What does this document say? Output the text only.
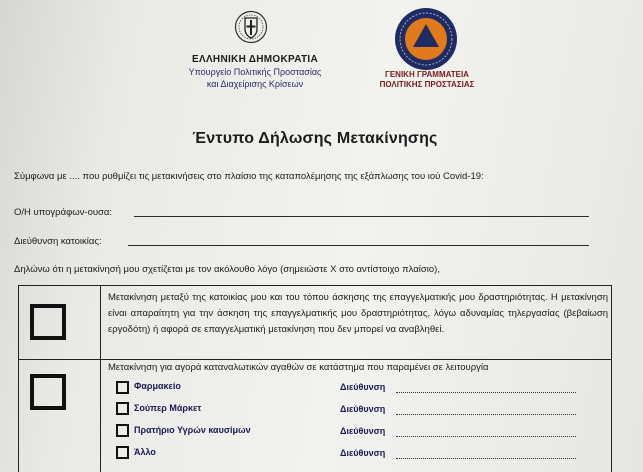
ΕΛΛΗΝΙΚΗ ΔΗΜΟΚΡΑΤΙΑ
Υπουργείο Πολιτικής Προστασίας
και Διαχείρισης Κρίσεων
ΓΕΝΙΚΗ ΓΡΑΜΜΑΤΕΙΑ
ΠΟΛΙΤΙΚΗΣ ΠΡΟΣΤΑΣΙΑΣ
Έντυπο Δήλωσης Μετακίνησης
Σύμφωνα με .... που ρυθμίζει τις μετακινήσεις στο πλαίσιο της καταπολέμησης της εξάπλωσης του ιού Covid-19:
Ο/Η υπογράφων-ουσα:
Διεύθυνση κατοικίας:
Δηλώνω ότι η μετακίνησή μου σχετίζεται με τον ακόλουθο λόγο (σημειώστε Χ στο αντίστοιχο πλαίσιο),
Μετακίνηση μεταξύ της κατοικίας μου και του τόπου άσκησης της επαγγελματικής μου δραστηριότητας. Η μετακίνηση είναι απαραίτητη για την άσκηση της επαγγελματικής μου δραστηριότητας, λόγω αδυναμίας τηλεργασίας (βεβαίωση εργοδότη) ή αφορά σε επαγγελματική μετακίνηση που δεν μπορεί να αναβληθεί.
Μετακίνηση για αγορά καταναλωτικών αγαθών σε κατάστημα που παραμένει σε λειτουργία
Φαρμακείο	Διεύθυνση
Σούπερ Μάρκετ	Διεύθυνση
Πρατήριο Υγρών καυσίμων	Διεύθυνση
Άλλο	Διεύθυνση
